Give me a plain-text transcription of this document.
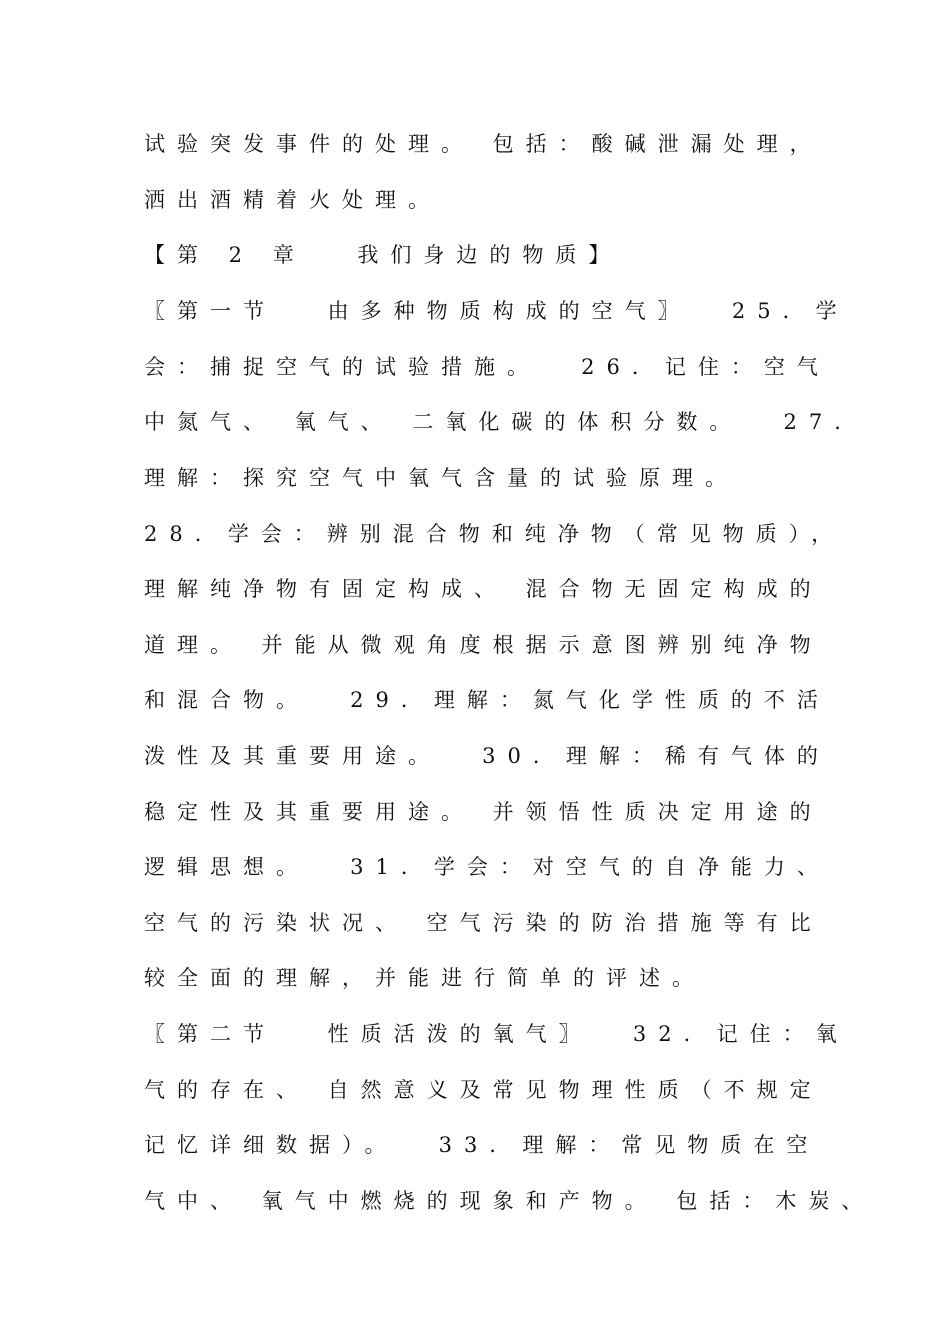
试验突发事件的处理。 包括：酸碱泄漏处理，
洒出酒精着火处理。
【第 2 章　 我们身边的物质】
〖第一节　 由多种物质构成的空气〗　 25．学
会：捕捉空气的试验措施。　 26．记住：空气
中氮气、 氧气、 二氧化碳的体积分数。　 27．
理解：探究空气中氧气含量的试验原理。
28．学会：辨别混合物和纯净物（常见物质），
理解纯净物有固定构成、 混合物无固定构成的
道理。 并能从微观角度根据示意图辨别纯净物
和混合物。　 29．理解：氮气化学性质的不活
泼性及其重要用途。　 30．理解：稀有气体的
稳定性及其重要用途。 并领悟性质决定用途的
逻辑思想。　 31．学会：对空气的自净能力、
空气的污染状况、 空气污染的防治措施等有比
较全面的理解，并能进行简单的评述。
〖第二节　 性质活泼的氧气〗　 32．记住：氧
气的存在、 自然意义及常见物理性质（不规定
记忆详细数据）。　 33．理解：常见物质在空
气中、 氧气中燃烧的现象和产物。 包括：木炭、
